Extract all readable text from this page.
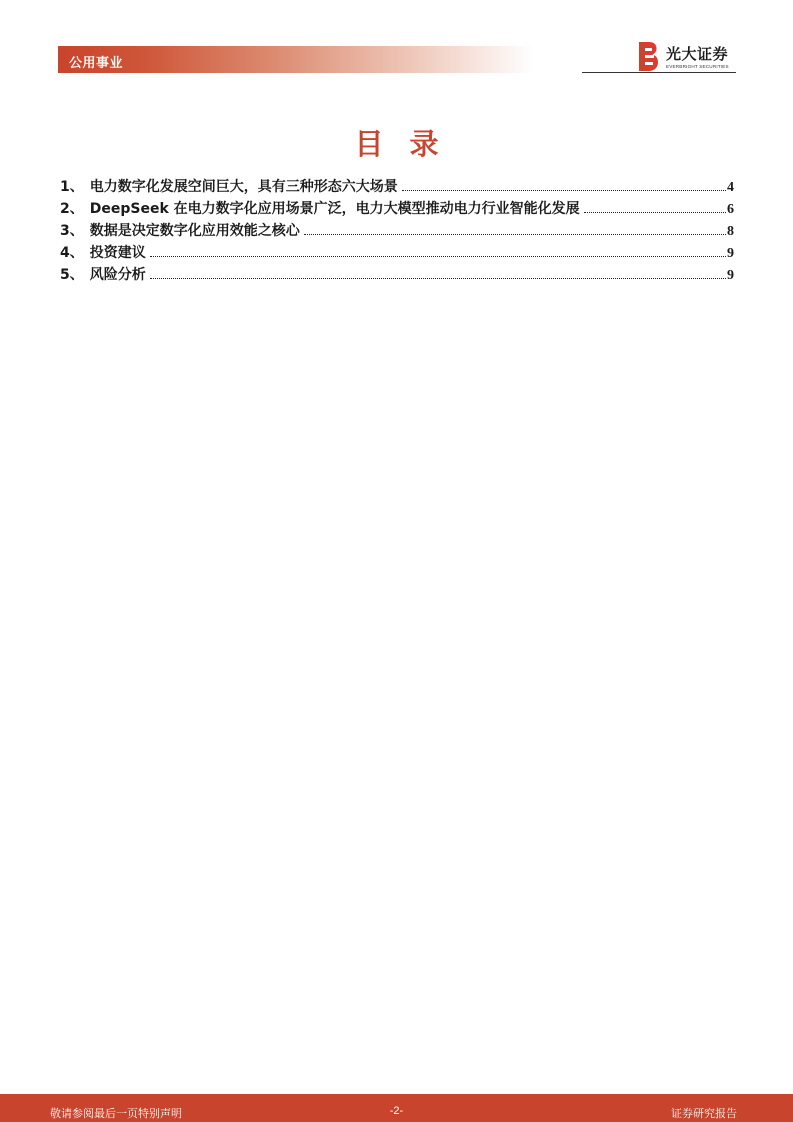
公用事业
光大证券
EVERBRIGHT SECURITIES
目录
1、 电力数字化发展空间巨大，具有三种形态六大场景	4
2、 DeepSeek 在电力数字化应用场景广泛，电力大模型推动电力行业智能化发展	6
3、 数据是决定数字化应用效能之核心	8
4、 投资建议	9
5、 风险分析	9
敬请参阅最后一页特别声明	-2-	证券研究报告
